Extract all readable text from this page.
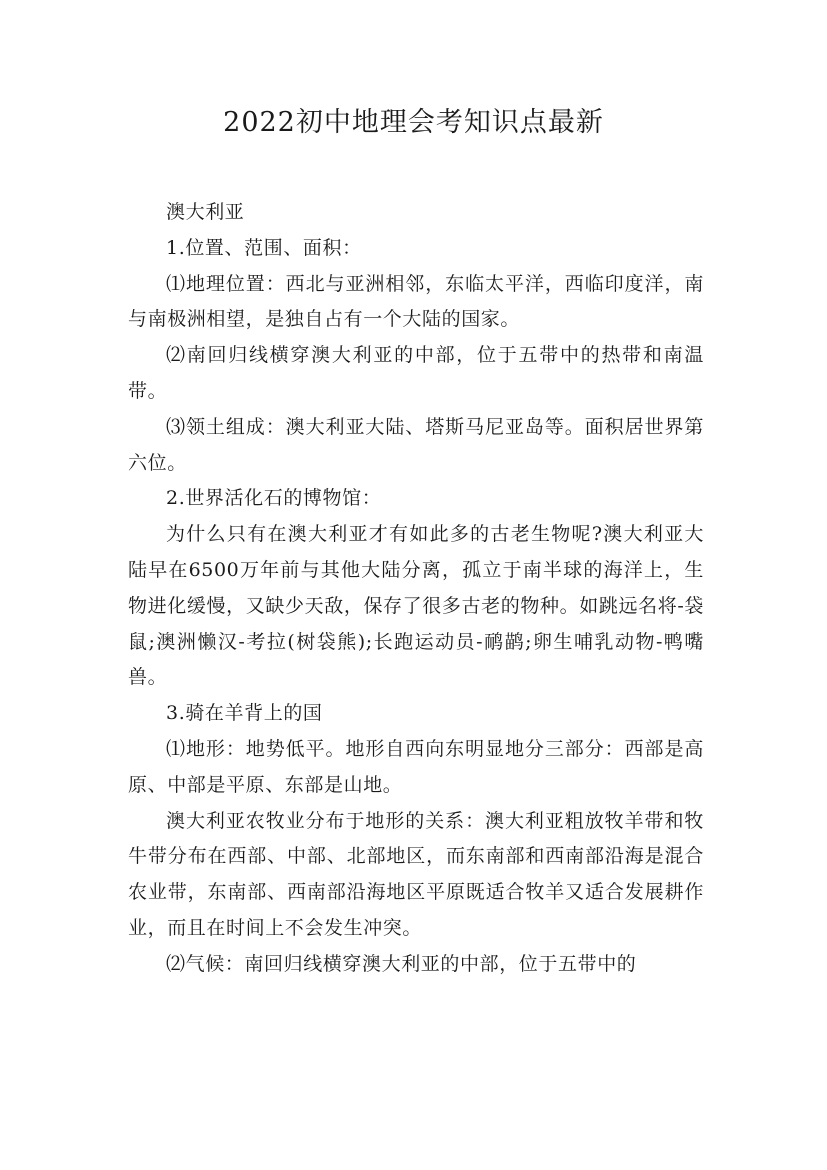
2022初中地理会考知识点最新

澳大利亚

1.位置、范围、面积：

⑴地理位置：西北与亚洲相邻，东临太平洋，西临印度洋，南与南极洲相望，是独自占有一个大陆的国家。

⑵南回归线横穿澳大利亚的中部，位于五带中的热带和南温带。

⑶领土组成：澳大利亚大陆、塔斯马尼亚岛等。面积居世界第六位。

2.世界活化石的博物馆：

为什么只有在澳大利亚才有如此多的古老生物呢?澳大利亚大陆早在6500万年前与其他大陆分离，孤立于南半球的海洋上，生物进化缓慢，又缺少天敌，保存了很多古老的物种。如跳远名将-袋鼠;澳洲懒汉-考拉(树袋熊);长跑运动员-鸸鹋;卵生哺乳动物-鸭嘴兽。

3.骑在羊背上的国

⑴地形：地势低平。地形自西向东明显地分三部分：西部是高原、中部是平原、东部是山地。

澳大利亚农牧业分布于地形的关系：澳大利亚粗放牧羊带和牧牛带分布在西部、中部、北部地区，而东南部和西南部沿海是混合农业带，东南部、西南部沿海地区平原既适合牧羊又适合发展耕作业，而且在时间上不会发生冲突。

⑵气候：南回归线横穿澳大利亚的中部，位于五带中的
